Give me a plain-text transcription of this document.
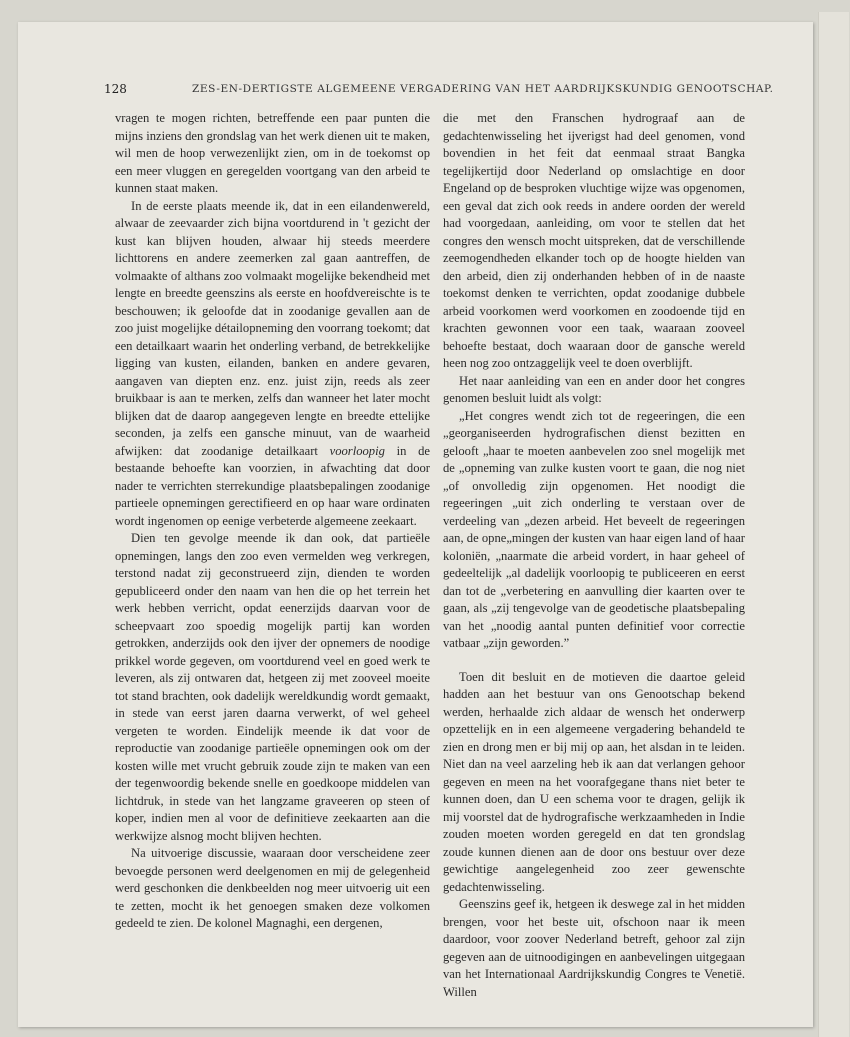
128	ZES-EN-DERTIGSTE ALGEMEENE VERGADERING VAN HET AARDRIJKSKUNDIG GENOOTSCHAP.

vragen te mogen richten, betreffende een paar punten die mijns inziens den grondslag van het werk dienen uit te maken, wil men de hoop verwezenlijkt zien, om in de toekomst op een meer vluggen en geregelden voortgang van den arbeid te kunnen staat maken.

In de eerste plaats meende ik, dat in een eilandenwereld, alwaar de zeevaarder zich bijna voortdurend in 't gezicht der kust kan blijven houden, alwaar hij steeds meerdere lichttorens en andere zeemerken zal gaan aantreffen, de volmaakte of althans zoo volmaakt mogelijke bekendheid met lengte en breedte geenszins als eerste en hoofdvereischte is te beschouwen; ik geloofde dat in zoodanige gevallen aan de zoo juist mogelijke détailopneming den voorrang toekomt; dat een detailkaart waarin het onderling verband, de betrekkelijke ligging van kusten, eilanden, banken en andere gevaren, aangaven van diepten enz. enz. juist zijn, reeds als zeer bruikbaar is aan te merken, zelfs dan wanneer het later mocht blijken dat de daarop aangegeven lengte en breedte ettelijke seconden, ja zelfs een gansche minuut, van de waarheid afwijken: dat zoodanige detailkaart voorloopig in de bestaande behoefte kan voorzien, in afwachting dat door nader te verrichten sterrekundige plaatsbepalingen zoodanige partieele opnemingen gerectifieerd en op haar ware ordinaten wordt ingenomen op eenige verbeterde algemeene zeekaart.

Dien ten gevolge meende ik dan ook, dat partieële opnemingen, langs den zoo even vermelden weg verkregen, terstond nadat zij geconstrueerd zijn, dienden te worden gepubliceerd onder den naam van hen die op het terrein het werk hebben verricht, opdat eenerzijds daarvan voor de scheepvaart zoo spoedig mogelijk partij kan worden getrokken, anderzijds ook den ijver der opnemers de noodige prikkel worde gegeven, om voortdurend veel en goed werk te leveren, als zij ontwaren dat, hetgeen zij met zooveel moeite tot stand brachten, ook dadelijk wereldkundig wordt gemaakt, in stede van eerst jaren daarna verwerkt, of wel geheel vergeten te worden. Eindelijk meende ik dat voor de reproductie van zoodanige partieële opnemingen ook om der kosten wille met vrucht gebruik zoude zijn te maken van een der tegenwoordig bekende snelle en goedkoope middelen van lichtdruk, in stede van het langzame graveeren op steen of koper, indien men al voor de definitieve zeekaarten aan die werkwijze alsnog mocht blijven hechten.

Na uitvoerige discussie, waaraan door verscheidene zeer bevoegde personen werd deelgenomen en mij de gelegenheid werd geschonken die denkbeelden nog meer uitvoerig uit een te zetten, mocht ik het genoegen smaken deze volkomen gedeeld te zien. De kolonel Magnaghi, een dergenen,

die met den Franschen hydrograaf aan de gedachtenwisseling het ijverigst had deel genomen, vond bovendien in het feit dat eenmaal straat Bangka tegelijkertijd door Nederland op omslachtige en door Engeland op de besproken vluchtige wijze was opgenomen, een geval dat zich ook reeds in andere oorden der wereld had voorgedaan, aanleiding, om voor te stellen dat het congres den wensch mocht uitspreken, dat de verschillende zeemogendheden elkander toch op de hoogte hielden van den arbeid, dien zij onderhanden hebben of in de naaste toekomst denken te verrichten, opdat zoodanige dubbele arbeid voorkomen werd voorkomen en zoodoende tijd en krachten gewonnen voor een taak, waaraan zooveel behoefte bestaat, doch waaraan door de gansche wereld heen nog zoo ontzaggelijk veel te doen overblijft.

Het naar aanleiding van een en ander door het congres genomen besluit luidt als volgt:

„Het congres wendt zich tot de regeeringen, die een „georganiseerden hydrografischen dienst bezitten en gelooft „haar te moeten aanbevelen zoo snel mogelijk met de „opneming van zulke kusten voort te gaan, die nog niet „of onvolledig zijn opgenomen. Het noodigt die regeeringen „uit zich onderling te verstaan over de verdeeling van „dezen arbeid. Het beveelt de regeeringen aan, de opne„mingen der kusten van haar eigen land of haar koloniën, „naarmate die arbeid vordert, in haar geheel of gedeeltelijk „al dadelijk voorloopig te publiceeren en eerst dan tot de „verbetering en aanvulling dier kaarten over te gaan, als „zij tengevolge van de geodetische plaatsbepaling van het „noodig aantal punten definitief voor correctie vatbaar „zijn geworden.”

Toen dit besluit en de motieven die daartoe geleid hadden aan het bestuur van ons Genootschap bekend werden, herhaalde zich aldaar de wensch het onderwerp opzettelijk en in een algemeene vergadering behandeld te zien en drong men er bij mij op aan, het alsdan in te leiden. Niet dan na veel aarzeling heb ik aan dat verlangen gehoor gegeven en meen na het voorafgegane thans niet beter te kunnen doen, dan U een schema voor te dragen, gelijk ik mij voorstel dat de hydrografische werkzaamheden in Indie zouden moeten worden geregeld en dat ten grondslag zoude kunnen dienen aan de door ons bestuur over deze gewichtige aangelegenheid zoo zeer gewenschte gedachtenwisseling.

Geenszins geef ik, hetgeen ik deswege zal in het midden brengen, voor het beste uit, ofschoon naar ik meen daardoor, voor zoover Nederland betreft, gehoor zal zijn gegeven aan de uitnoodigingen en aanbevelingen uitgegaan van het Internationaal Aardrijkskundig Congres te Venetië. Willen
